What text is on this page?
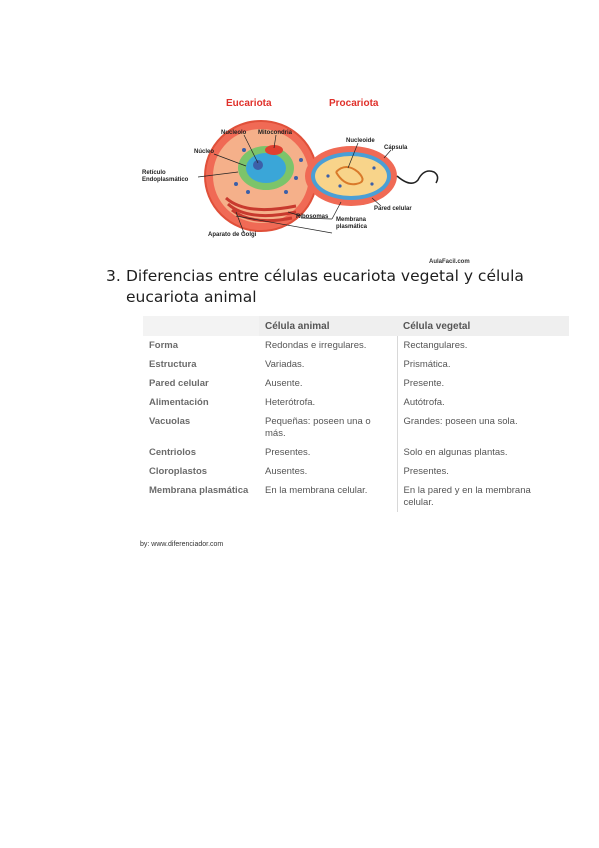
Eucariota	Procariota
Nucleolo Mitocondria
Núcleo
Retículo
Endoplasmático
Ribosomas
Aparato de Golgi
Nucleoide
Cápsula
Pared celular
Membrana
plasmática
AulaFacil.com
3. Diferencias entre células eucariota vegetal y célula eucariota animal
	Célula animal	Célula vegetal
Forma	Redondas e irregulares.	Rectangulares.
Estructura	Variadas.	Prismática.
Pared celular	Ausente.	Presente.
Alimentación	Heterótrofa.	Autótrofa.
Vacuolas	Pequeñas: poseen una o más.	Grandes: poseen una sola.
Centriolos	Presentes.	Solo en algunas plantas.
Cloroplastos	Ausentes.	Presentes.
Membrana plasmática	En la membrana celular.	En la pared y en la membrana celular.
by: www.diferenciador.com
